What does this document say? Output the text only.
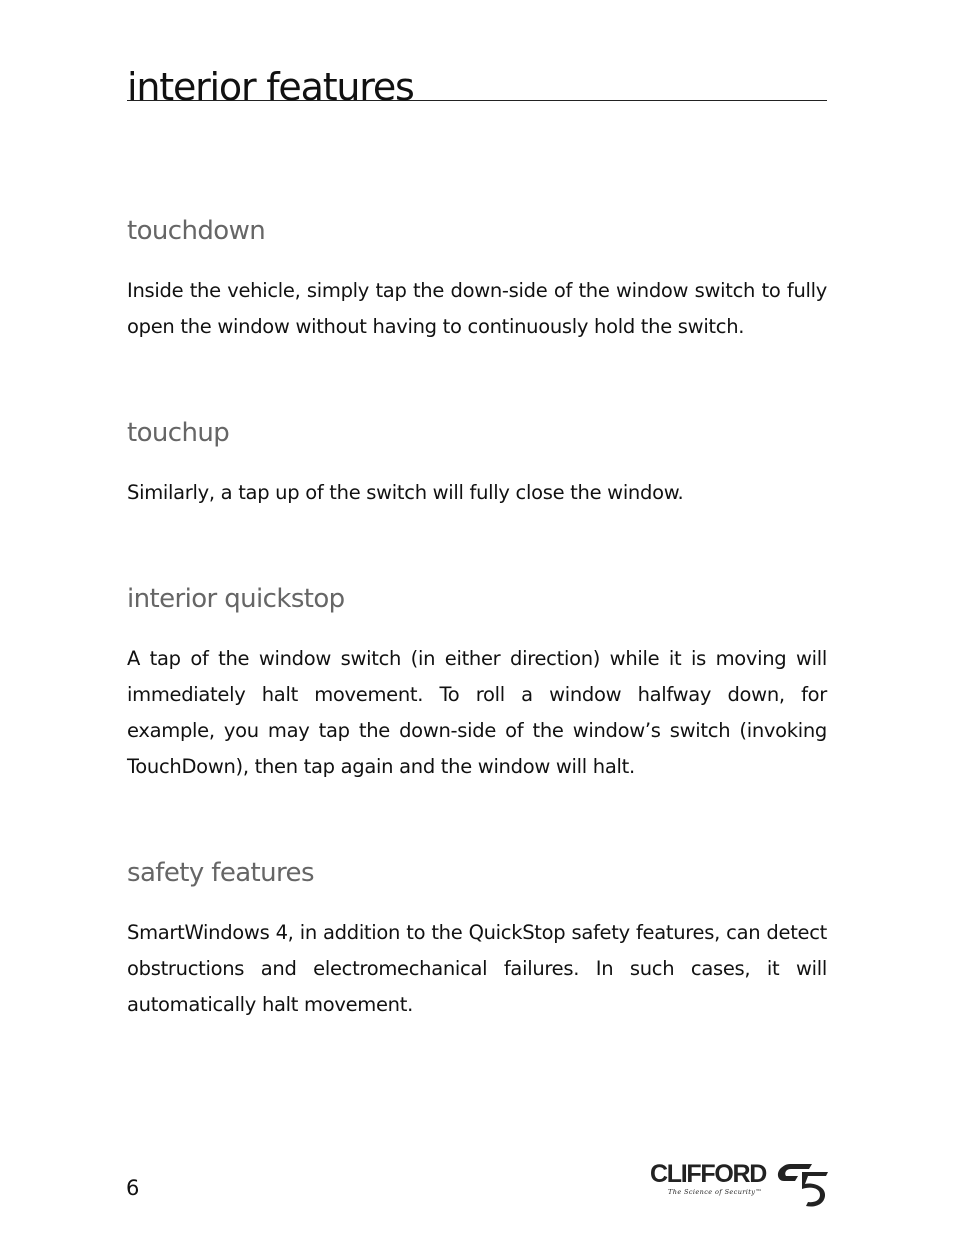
interior features
touchdown

Inside the vehicle, simply tap the down-side of the window switch to fully open the window without having to continuously hold the switch.

touchup

Similarly, a tap up of the switch will fully close the window.

interior quickstop

A tap of the window switch (in either direction) while it is moving will immediately halt movement. To roll a window halfway down, for example, you may tap the down-side of the window’s switch (invoking TouchDown), then tap again and the window will halt.

safety features

SmartWindows 4, in addition to the QuickStop safety features, can detect obstructions and electromechanical failures. In such cases, it will automatically halt movement.

6	CLIFFORD
The Science of Security™
